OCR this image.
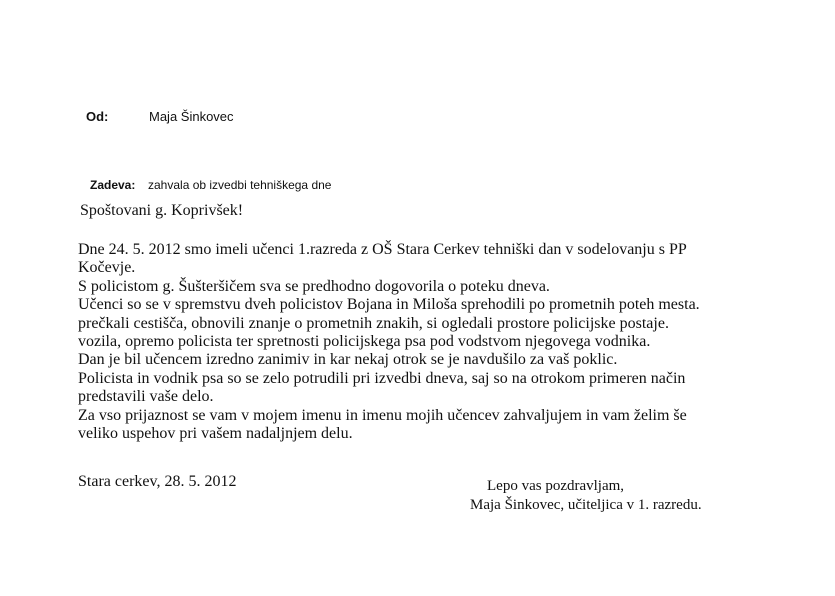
Od:	Maja Šinkovec
Zadeva: zahvala ob izvedbi tehniškega dne
Spoštovani g. Koprivšek!
Dne 24. 5. 2012 smo imeli učenci 1.razreda z OŠ Stara Cerkev tehniški dan v sodelovanju s PP
Kočevje.
S policistom g. Šušteršičem sva se predhodno dogovorila o poteku dneva.
Učenci so se v spremstvu dveh policistov Bojana in Miloša sprehodili po prometnih poteh mesta.
prečkali cestišča, obnovili znanje o prometnih znakih, si ogledali prostore policijske postaje.
vozila, opremo policista ter spretnosti policijskega psa pod vodstvom njegovega vodnika.
Dan je bil učencem izredno zanimiv in kar nekaj otrok se je navdušilo za vaš poklic.
Policista in vodnik psa so se zelo potrudili pri izvedbi dneva, saj so na otrokom primeren način
predstavili vaše delo.
Za vso prijaznost se vam v mojem imenu in imenu mojih učencev zahvaljujem in vam želim še
veliko uspehov pri vašem nadaljnjem delu.
Stara cerkev, 28. 5. 2012	Lepo vas pozdravljam,
Maja Šinkovec, učiteljica v 1. razredu.
